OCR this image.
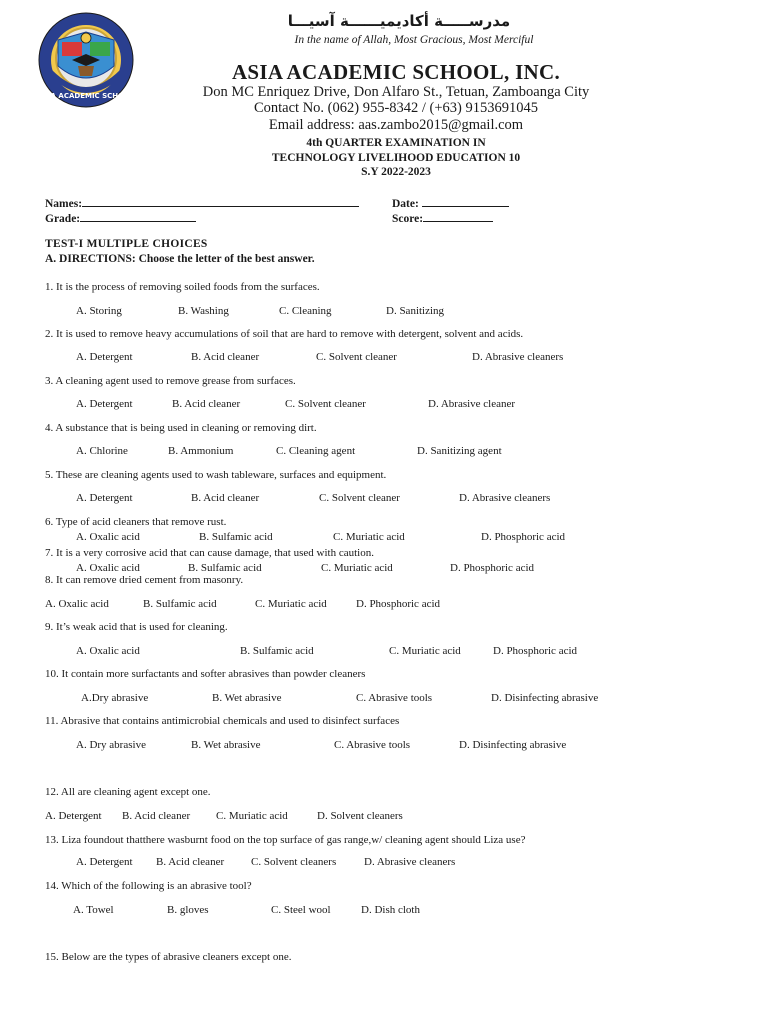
مدرســـــة أكاديميــــــة آسيـــا
In the name of Allah, Most Gracious, Most Merciful
20 ASIA ACADEMIC SCHOOL 15
ASIA ACADEMIC SCHOOL, INC.
Don MC Enriquez Drive, Don Alfaro St., Tetuan, Zamboanga City
Contact No. (062) 955-8342 / (+63) 9153691045
Email address: aas.zambo2015@gmail.com
4th QUARTER EXAMINATION IN
TECHNOLOGY LIVELIHOOD EDUCATION 10
S.Y 2022-2023
Names:	Date:
Grade:	Score:
TEST-I MULTIPLE CHOICES
A. DIRECTIONS: Choose the letter of the best answer.
1. It is the process of removing soiled foods from the surfaces.
A. Storing	B. Washing	C. Cleaning	D. Sanitizing
2. It is used to remove heavy accumulations of soil that are hard to remove with detergent, solvent and acids.
A. Detergent	B. Acid cleaner	C. Solvent cleaner	D. Abrasive cleaners
3. A cleaning agent used to remove grease from surfaces.
A. Detergent	B. Acid cleaner	C. Solvent cleaner	D. Abrasive cleaner
4. A substance that is being used in cleaning or removing dirt.
A. Chlorine	B. Ammonium	C. Cleaning agent	D. Sanitizing agent
5. These are cleaning agents used to wash tableware, surfaces and equipment.
A. Detergent	B. Acid cleaner	C. Solvent cleaner	D. Abrasive cleaners
6. Type of acid cleaners that remove rust.
A. Oxalic acid	B. Sulfamic acid	C. Muriatic acid	D. Phosphoric acid
7. It is a very corrosive acid that can cause damage, that used with caution.
A. Oxalic acid	B. Sulfamic acid	C. Muriatic acid	D. Phosphoric acid
8. It can remove dried cement from masonry.
A. Oxalic acid	B. Sulfamic acid	C. Muriatic acid	D. Phosphoric acid
9. It’s weak acid that is used for cleaning.
A. Oxalic acid	B. Sulfamic acid	C. Muriatic acid	D. Phosphoric acid
10. It contain more surfactants and softer abrasives than powder cleaners
A.Dry abrasive	B. Wet abrasive	C. Abrasive tools	D. Disinfecting abrasive
11. Abrasive that contains antimicrobial chemicals and used to disinfect surfaces
A. Dry abrasive	B. Wet abrasive	C. Abrasive tools	D. Disinfecting abrasive
12. All are cleaning agent except one.
A. Detergent B. Acid cleaner C. Muriatic acid	D. Solvent cleaners
13. Liza foundout thatthere wasburnt food on the top surface of gas range,w/ cleaning agent should Liza use?
A. Detergent B. Acid cleaner C. Solvent cleaners	D. Abrasive cleaners
14. Which of the following is an abrasive tool?
A. Towel	B. gloves	C. Steel wool	D. Dish cloth
15. Below are the types of abrasive cleaners except one.
